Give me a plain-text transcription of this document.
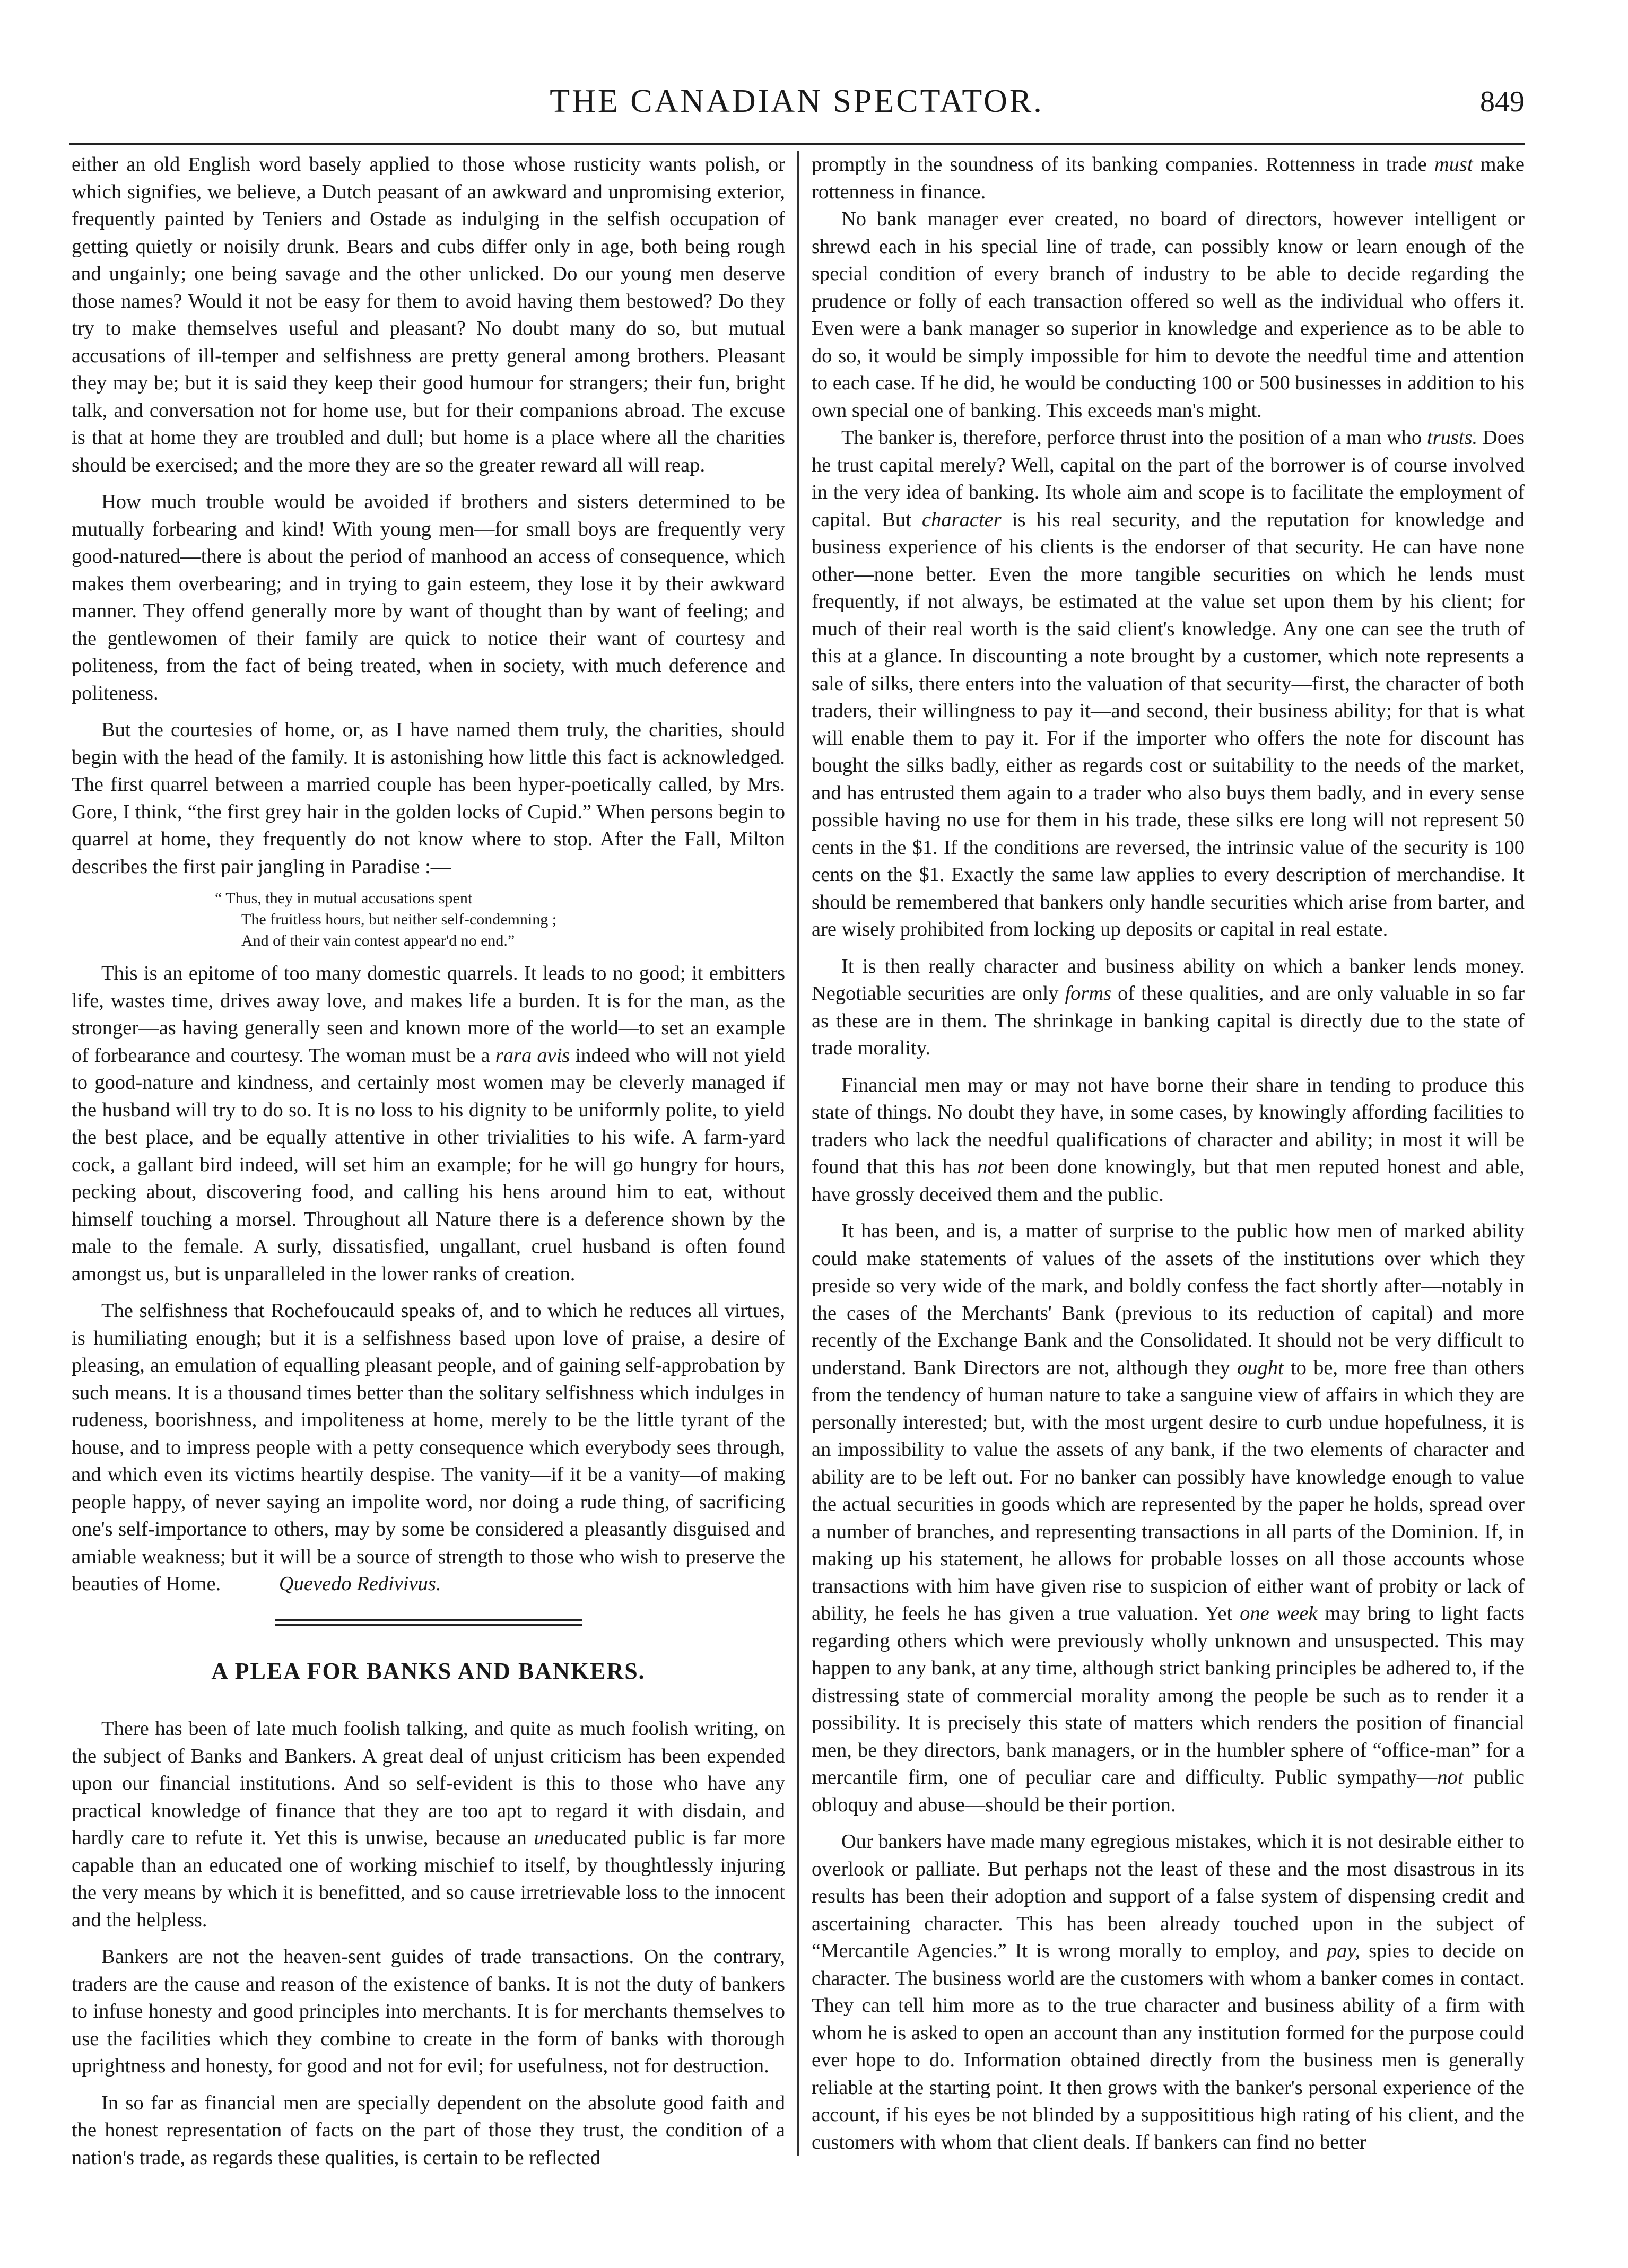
THE CANADIAN SPECTATOR.	849

either an old English word basely applied to those whose rusticity wants polish, or which signifies, we believe, a Dutch peasant of an awkward and unpromising exterior, frequently painted by Teniers and Ostade as indulging in the selfish occupation of getting quietly or noisily drunk. Bears and cubs differ only in age, both being rough and ungainly; one being savage and the other unlicked. Do our young men deserve those names? Would it not be easy for them to avoid having them bestowed? Do they try to make themselves useful and pleasant? No doubt many do so, but mutual accusations of ill-temper and selfishness are pretty general among brothers. Pleasant they may be; but it is said they keep their good humour for strangers; their fun, bright talk, and conversation not for home use, but for their companions abroad. The excuse is that at home they are troubled and dull; but home is a place where all the charities should be exercised; and the more they are so the greater reward all will reap.

How much trouble would be avoided if brothers and sisters determined to be mutually forbearing and kind! With young men—for small boys are frequently very good-natured—there is about the period of manhood an access of consequence, which makes them overbearing; and in trying to gain esteem, they lose it by their awkward manner. They offend generally more by want of thought than by want of feeling; and the gentlewomen of their family are quick to notice their want of courtesy and politeness, from the fact of being treated, when in society, with much deference and politeness.

But the courtesies of home, or, as I have named them truly, the charities, should begin with the head of the family. It is astonishing how little this fact is acknowledged. The first quarrel between a married couple has been hyper-poetically called, by Mrs. Gore, I think, “the first grey hair in the golden locks of Cupid.” When persons begin to quarrel at home, they frequently do not know where to stop. After the Fall, Milton describes the first pair jangling in Paradise :—

“ Thus, they in mutual accusations spent
The fruitless hours, but neither self-condemning ;
And of their vain contest appear'd no end.”

This is an epitome of too many domestic quarrels. It leads to no good; it embitters life, wastes time, drives away love, and makes life a burden. It is for the man, as the stronger—as having generally seen and known more of the world—to set an example of forbearance and courtesy. The woman must be a rara avis indeed who will not yield to good-nature and kindness, and certainly most women may be cleverly managed if the husband will try to do so. It is no loss to his dignity to be uniformly polite, to yield the best place, and be equally attentive in other trivialities to his wife. A farm-yard cock, a gallant bird indeed, will set him an example; for he will go hungry for hours, pecking about, discovering food, and calling his hens around him to eat, without himself touching a morsel. Throughout all Nature there is a deference shown by the male to the female. A surly, dissatisfied, ungallant, cruel husband is often found amongst us, but is unparalleled in the lower ranks of creation.

The selfishness that Rochefoucauld speaks of, and to which he reduces all virtues, is humiliating enough; but it is a selfishness based upon love of praise, a desire of pleasing, an emulation of equalling pleasant people, and of gaining self-approbation by such means. It is a thousand times better than the solitary selfishness which indulges in rudeness, boorishness, and impoliteness at home, merely to be the little tyrant of the house, and to impress people with a petty consequence which everybody sees through, and which even its victims heartily despise. The vanity—if it be a vanity—of making people happy, of never saying an impolite word, nor doing a rude thing, of sacrificing one's self-importance to others, may by some be considered a pleasantly disguised and amiable weakness; but it will be a source of strength to those who wish to preserve the beauties of Home.	Quevedo Redivivus.

A PLEA FOR BANKS AND BANKERS.

There has been of late much foolish talking, and quite as much foolish writing, on the subject of Banks and Bankers. A great deal of unjust criticism has been expended upon our financial institutions. And so self-evident is this to those who have any practical knowledge of finance that they are too apt to regard it with disdain, and hardly care to refute it. Yet this is unwise, because an uneducated public is far more capable than an educated one of working mischief to itself, by thoughtlessly injuring the very means by which it is benefitted, and so cause irretrievable loss to the innocent and the helpless.

Bankers are not the heaven-sent guides of trade transactions. On the contrary, traders are the cause and reason of the existence of banks. It is not the duty of bankers to infuse honesty and good principles into merchants. It is for merchants themselves to use the facilities which they combine to create in the form of banks with thorough uprightness and honesty, for good and not for evil; for usefulness, not for destruction.

In so far as financial men are specially dependent on the absolute good faith and the honest representation of facts on the part of those they trust, the condition of a nation's trade, as regards these qualities, is certain to be reflected

promptly in the soundness of its banking companies. Rottenness in trade must make rottenness in finance.

No bank manager ever created, no board of directors, however intelligent or shrewd each in his special line of trade, can possibly know or learn enough of the special condition of every branch of industry to be able to decide regarding the prudence or folly of each transaction offered so well as the individual who offers it. Even were a bank manager so superior in knowledge and experience as to be able to do so, it would be simply impossible for him to devote the needful time and attention to each case. If he did, he would be conducting 100 or 500 businesses in addition to his own special one of banking. This exceeds man's might.

The banker is, therefore, perforce thrust into the position of a man who trusts. Does he trust capital merely? Well, capital on the part of the borrower is of course involved in the very idea of banking. Its whole aim and scope is to facilitate the employment of capital. But character is his real security, and the reputation for knowledge and business experience of his clients is the endorser of that security. He can have none other—none better. Even the more tangible securities on which he lends must frequently, if not always, be estimated at the value set upon them by his client; for much of their real worth is the said client's knowledge. Any one can see the truth of this at a glance. In discounting a note brought by a customer, which note represents a sale of silks, there enters into the valuation of that security—first, the character of both traders, their willingness to pay it—and second, their business ability; for that is what will enable them to pay it. For if the importer who offers the note for discount has bought the silks badly, either as regards cost or suitability to the needs of the market, and has entrusted them again to a trader who also buys them badly, and in every sense possible having no use for them in his trade, these silks ere long will not represent 50 cents in the $1. If the conditions are reversed, the intrinsic value of the security is 100 cents on the $1. Exactly the same law applies to every description of merchandise. It should be remembered that bankers only handle securities which arise from barter, and are wisely prohibited from locking up deposits or capital in real estate.

It is then really character and business ability on which a banker lends money. Negotiable securities are only forms of these qualities, and are only valuable in so far as these are in them. The shrinkage in banking capital is directly due to the state of trade morality.

Financial men may or may not have borne their share in tending to produce this state of things. No doubt they have, in some cases, by knowingly affording facilities to traders who lack the needful qualifications of character and ability; in most it will be found that this has not been done knowingly, but that men reputed honest and able, have grossly deceived them and the public.

It has been, and is, a matter of surprise to the public how men of marked ability could make statements of values of the assets of the institutions over which they preside so very wide of the mark, and boldly confess the fact shortly after—notably in the cases of the Merchants' Bank (previous to its reduction of capital) and more recently of the Exchange Bank and the Consolidated. It should not be very difficult to understand. Bank Directors are not, although they ought to be, more free than others from the tendency of human nature to take a sanguine view of affairs in which they are personally interested; but, with the most urgent desire to curb undue hopefulness, it is an impossibility to value the assets of any bank, if the two elements of character and ability are to be left out. For no banker can possibly have knowledge enough to value the actual securities in goods which are represented by the paper he holds, spread over a number of branches, and representing transactions in all parts of the Dominion. If, in making up his statement, he allows for probable losses on all those accounts whose transactions with him have given rise to suspicion of either want of probity or lack of ability, he feels he has given a true valuation. Yet one week may bring to light facts regarding others which were previously wholly unknown and unsuspected. This may happen to any bank, at any time, although strict banking principles be adhered to, if the distressing state of commercial morality among the people be such as to render it a possibility. It is precisely this state of matters which renders the position of financial men, be they directors, bank managers, or in the humbler sphere of “office-man” for a mercantile firm, one of peculiar care and difficulty. Public sympathy—not public obloquy and abuse—should be their portion.

Our bankers have made many egregious mistakes, which it is not desirable either to overlook or palliate. But perhaps not the least of these and the most disastrous in its results has been their adoption and support of a false system of dispensing credit and ascertaining character. This has been already touched upon in the subject of “Mercantile Agencies.” It is wrong morally to employ, and pay, spies to decide on character. The business world are the customers with whom a banker comes in contact. They can tell him more as to the true character and business ability of a firm with whom he is asked to open an account than any institution formed for the purpose could ever hope to do. Information obtained directly from the business men is generally reliable at the starting point. It then grows with the banker's personal experience of the account, if his eyes be not blinded by a supposititious high rating of his client, and the customers with whom that client deals. If bankers can find no better
